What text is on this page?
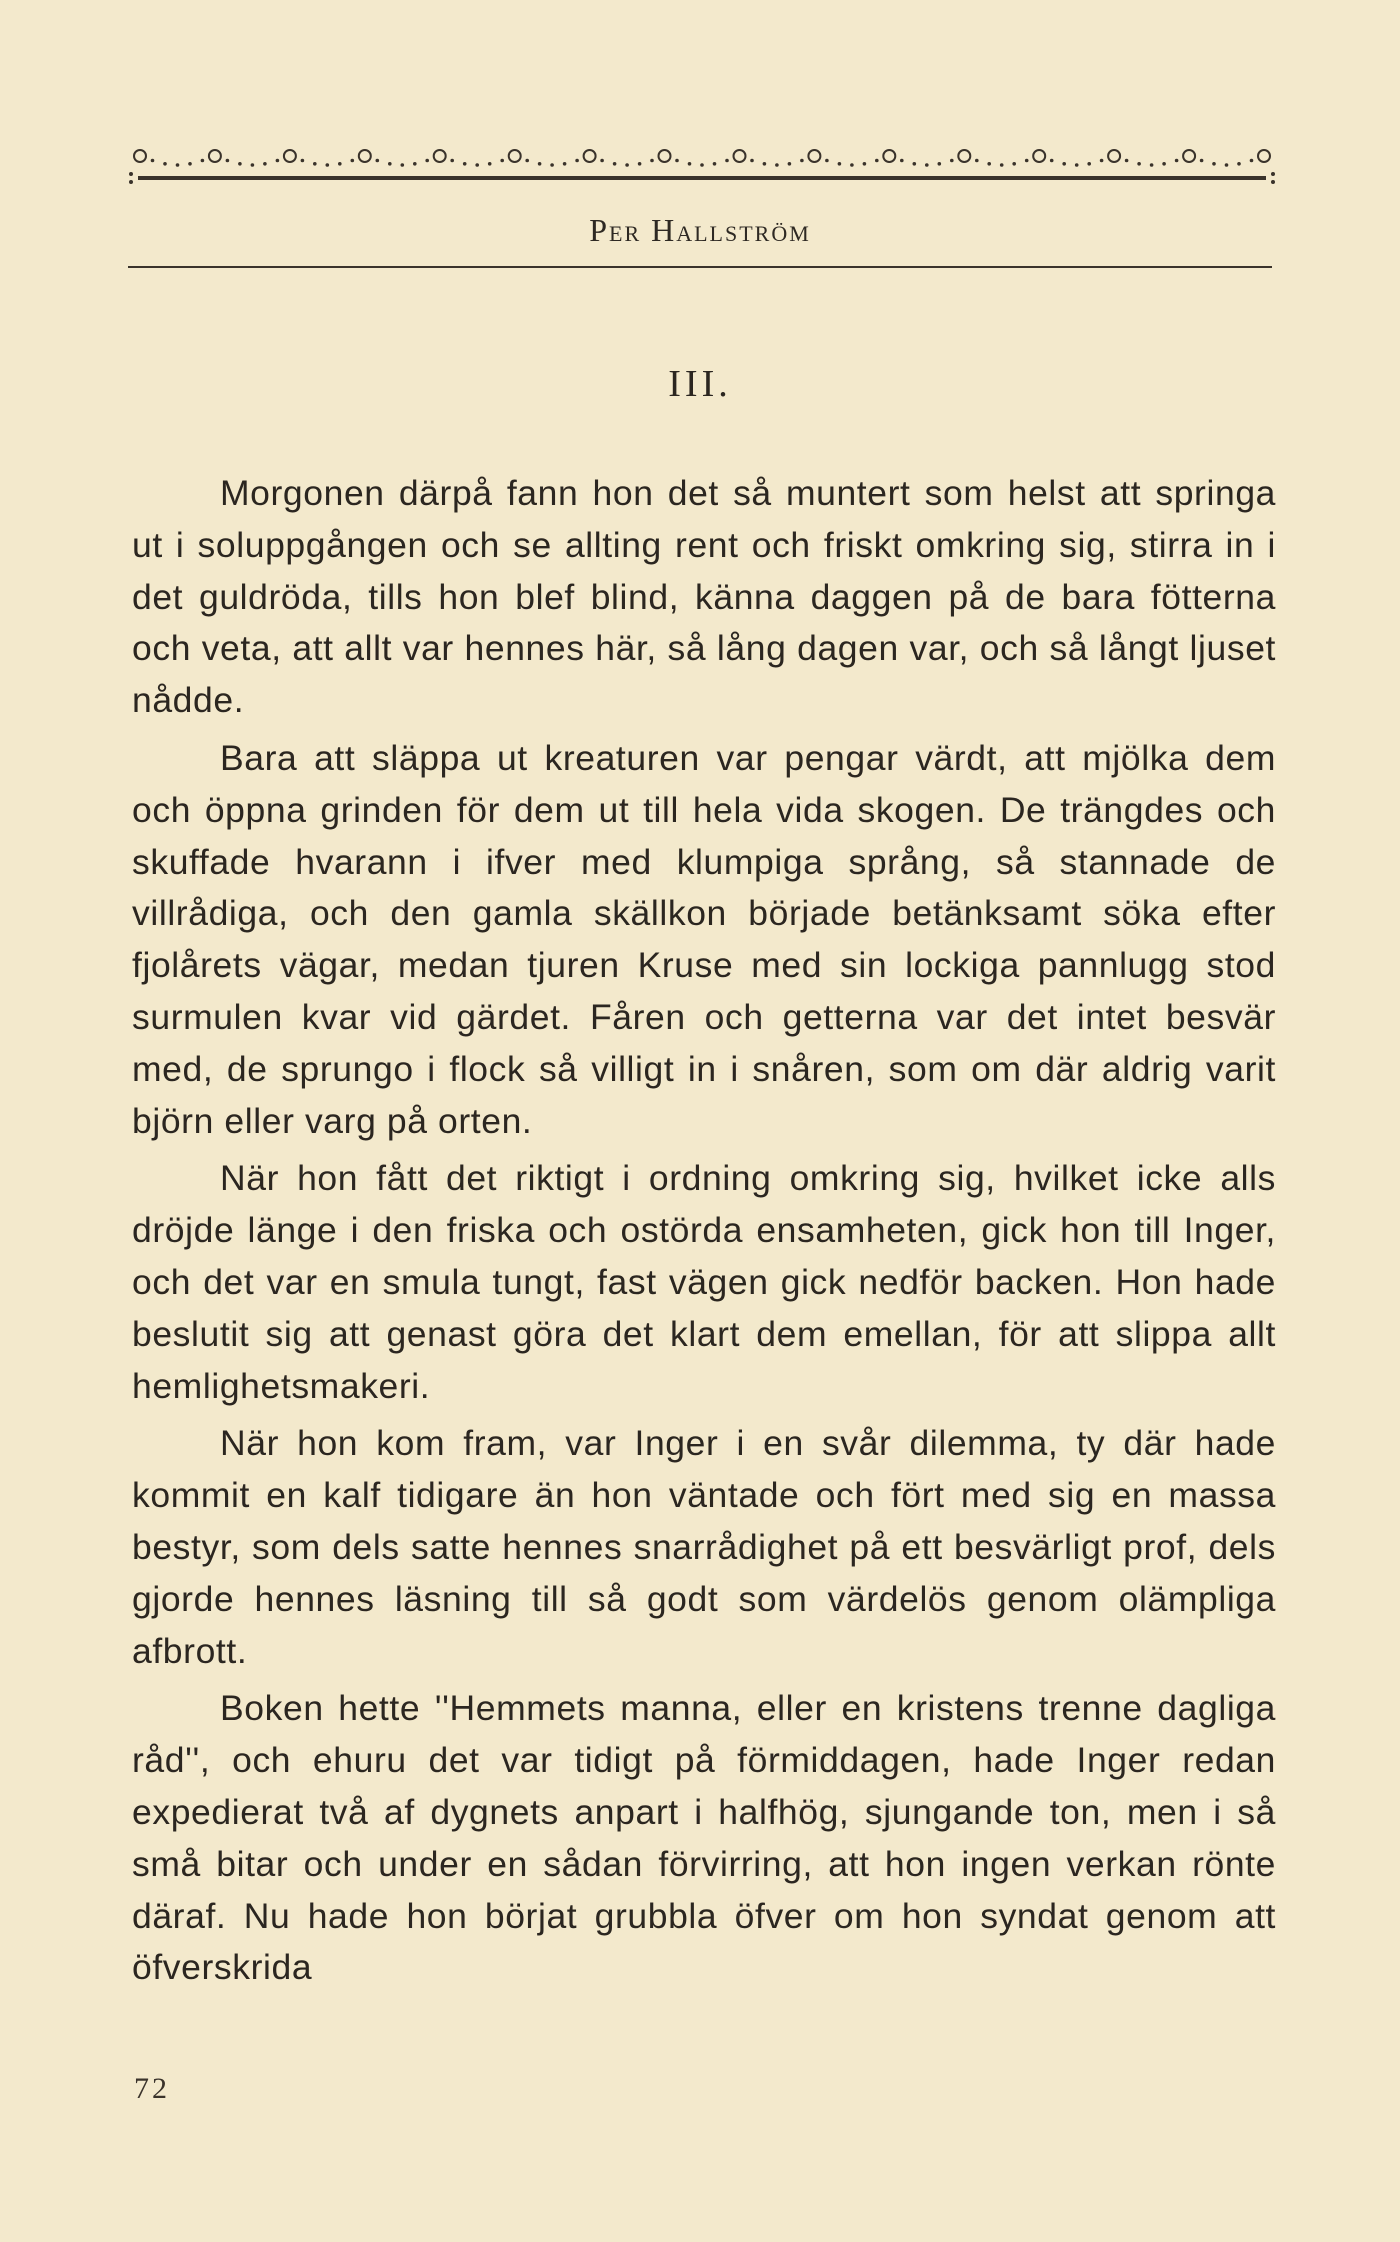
Per Hallström
III.

Morgonen därpå fann hon det så muntert som helst att springa ut i soluppgången och se allting rent och friskt omkring sig, stirra in i det guldröda, tills hon blef blind, känna daggen på de bara fötterna och veta, att allt var hennes här, så lång dagen var, och så långt ljuset nådde.

Bara att släppa ut kreaturen var pengar värdt, att mjölka dem och öppna grinden för dem ut till hela vida skogen. De trängdes och skuffade hvarann i ifver med klumpiga språng, så stannade de villrådiga, och den gamla skällkon började betänksamt söka efter fjolårets vägar, medan tjuren Kruse med sin lockiga pannlugg stod surmulen kvar vid gärdet. Fåren och getterna var det intet besvär med, de sprungo i flock så villigt in i snåren, som om där aldrig varit björn eller varg på orten.

När hon fått det riktigt i ordning omkring sig, hvilket icke alls dröjde länge i den friska och ostörda ensamheten, gick hon till Inger, och det var en smula tungt, fast vägen gick nedför backen. Hon hade beslutit sig att genast göra det klart dem emellan, för att slippa allt hemlighetsmakeri.

När hon kom fram, var Inger i en svår dilemma, ty där hade kommit en kalf tidigare än hon väntade och fört med sig en massa bestyr, som dels satte hennes snarrådighet på ett besvärligt prof, dels gjorde hennes läsning till så godt som värdelös genom olämpliga afbrott.

Boken hette ''Hemmets manna, eller en kristens trenne dagliga råd'', och ehuru det var tidigt på förmiddagen, hade Inger redan expedierat två af dygnets anpart i halfhög, sjungande ton, men i så små bitar och under en sådan förvirring, att hon ingen verkan rönte däraf. Nu hade hon börjat grubbla öfver om hon syndat genom att öfverskrida

72
